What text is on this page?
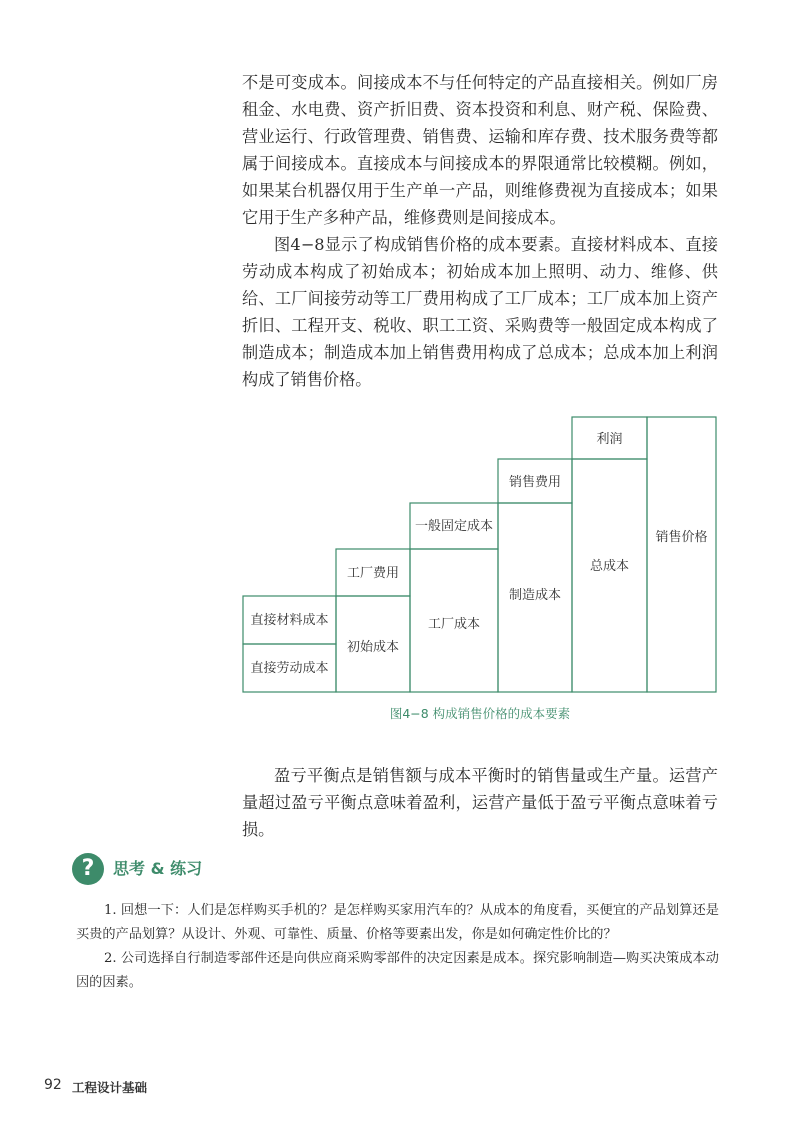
不是可变成本。间接成本不与任何特定的产品直接相关。例如厂房租金、水电费、资产折旧费、资本投资和利息、财产税、保险费、营业运行、行政管理费、销售费、运输和库存费、技术服务费等都属于间接成本。直接成本与间接成本的界限通常比较模糊。例如，如果某台机器仅用于生产单一产品，则维修费视为直接成本；如果它用于生产多种产品，维修费则是间接成本。

图4−8显示了构成销售价格的成本要素。直接材料成本、直接劳动成本构成了初始成本；初始成本加上照明、动力、维修、供给、工厂间接劳动等工厂费用构成了工厂成本；工厂成本加上资产折旧、工程开支、税收、职工工资、采购费等一般固定成本构成了制造成本；制造成本加上销售费用构成了总成本；总成本加上利润构成了销售价格。

直接材料成本
直接劳动成本
工厂费用
初始成本
一般固定成本
工厂成本
销售费用
制造成本
利润
总成本
销售价格
图4−8 构成销售价格的成本要素

盈亏平衡点是销售额与成本平衡时的销售量或生产量。运营产量超过盈亏平衡点意味着盈利，运营产量低于盈亏平衡点意味着亏损。

?	思考 & 练习

1. 回想一下：人们是怎样购买手机的？是怎样购买家用汽车的？从成本的角度看，买便宜的产品划算还是买贵的产品划算？从设计、外观、可靠性、质量、价格等要素出发，你是如何确定性价比的？

2. 公司选择自行制造零部件还是向供应商采购零部件的决定因素是成本。探究影响制造—购买决策成本动因的因素。

92 工程设计基础
